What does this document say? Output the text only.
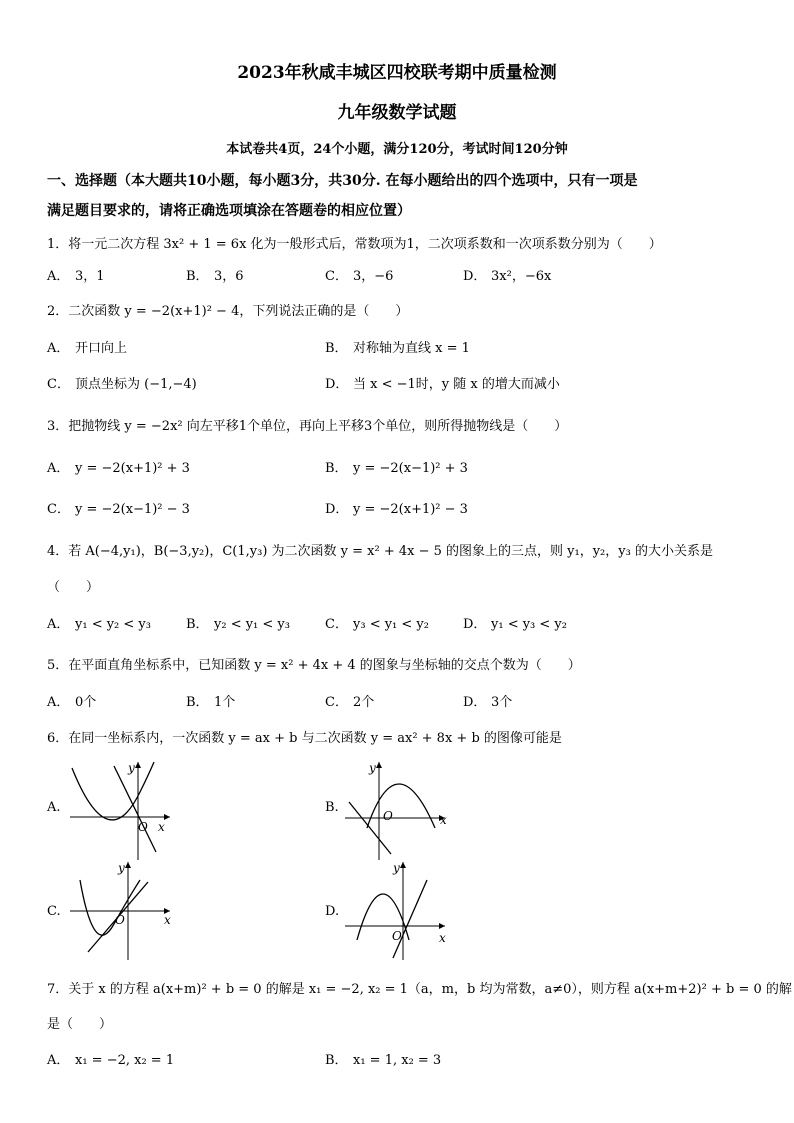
2023年秋咸丰城区四校联考期中质量检测
九年级数学试题
本试卷共4页，24个小题，满分120分，考试时间120分钟
一、选择题（本大题共10小题，每小题3分，共30分. 在每小题给出的四个选项中，只有一项是
满足题目要求的，请将正确选项填涂在答题卷的相应位置）
1．将一元二次方程 3x² + 1 = 6x 化为一般形式后，常数项为1，二次项系数和一次项系数分别为（　　）
A． 3，1	B． 3，6	C． 3，−6	D． 3x²，−6x
2．二次函数 y = −2(x+1)² − 4，下列说法正确的是（　　）
A． 开口向上	B． 对称轴为直线 x = 1
C． 顶点坐标为 (−1,−4)	D． 当 x < −1时，y 随 x 的增大而减小
3．把抛物线 y = −2x² 向左平移1个单位，再向上平移3个单位，则所得抛物线是（　　）
A． y = −2(x+1)² + 3	B． y = −2(x−1)² + 3
C． y = −2(x−1)² − 3	D． y = −2(x+1)² − 3
4．若 A(−4,y₁)，B(−3,y₂)，C(1,y₃) 为二次函数 y = x² + 4x − 5 的图象上的三点，则 y₁，y₂，y₃ 的大小关系是
（　　）
A． y₁ < y₂ < y₃	B． y₂ < y₁ < y₃	C． y₃ < y₁ < y₂	D． y₁ < y₃ < y₂
5．在平面直角坐标系中，已知函数 y = x² + 4x + 4 的图象与坐标轴的交点个数为（　　）
A． 0个	B． 1个	C． 2个	D． 3个
6．在同一坐标系内，一次函数 y = ax + b 与二次函数 y = ax² + 8x + b 的图像可能是
A.
y
x
O
B.
y
x
O
C.
y
x
O
D.
y
x
O
7．关于 x 的方程 a(x+m)² + b = 0 的解是 x₁ = −2, x₂ = 1（a，m，b 均为常数，a≠0），则方程 a(x+m+2)² + b = 0 的解
是（　　）
A． x₁ = −2, x₂ = 1	B． x₁ = 1, x₂ = 3
